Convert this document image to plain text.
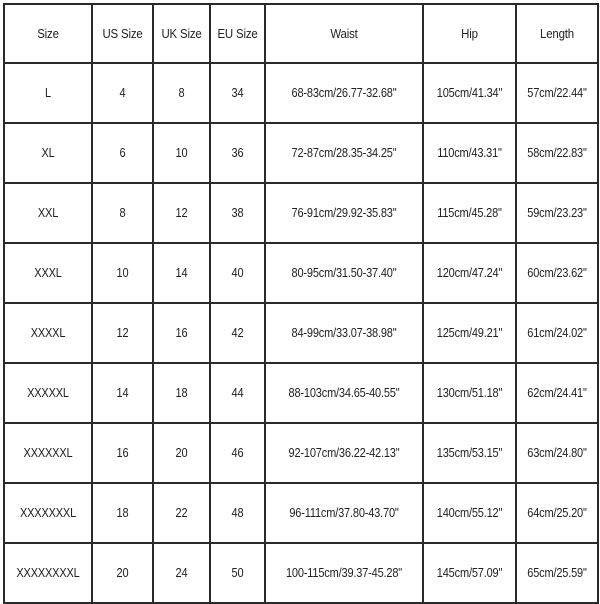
Size	US Size	UK Size	EU Size	Waist	Hip	Length
L	4	8	34	68-83cm/26.77-32.68"	105cm/41.34"	57cm/22.44"
XL	6	10	36	72-87cm/28.35-34.25"	110cm/43.31"	58cm/22.83"
XXL	8	12	38	76-91cm/29.92-35.83"	115cm/45.28"	59cm/23.23"
XXXL	10	14	40	80-95cm/31.50-37.40"	120cm/47.24"	60cm/23.62"
XXXXL	12	16	42	84-99cm/33.07-38.98"	125cm/49.21"	61cm/24.02"
XXXXXL	14	18	44	88-103cm/34.65-40.55"	130cm/51.18"	62cm/24.41"
XXXXXXL	16	20	46	92-107cm/36.22-42.13"	135cm/53.15"	63cm/24.80"
XXXXXXXL	18	22	48	96-111cm/37.80-43.70"	140cm/55.12"	64cm/25.20"
XXXXXXXXL	20	24	50	100-115cm/39.37-45.28"	145cm/57.09"	65cm/25.59"
